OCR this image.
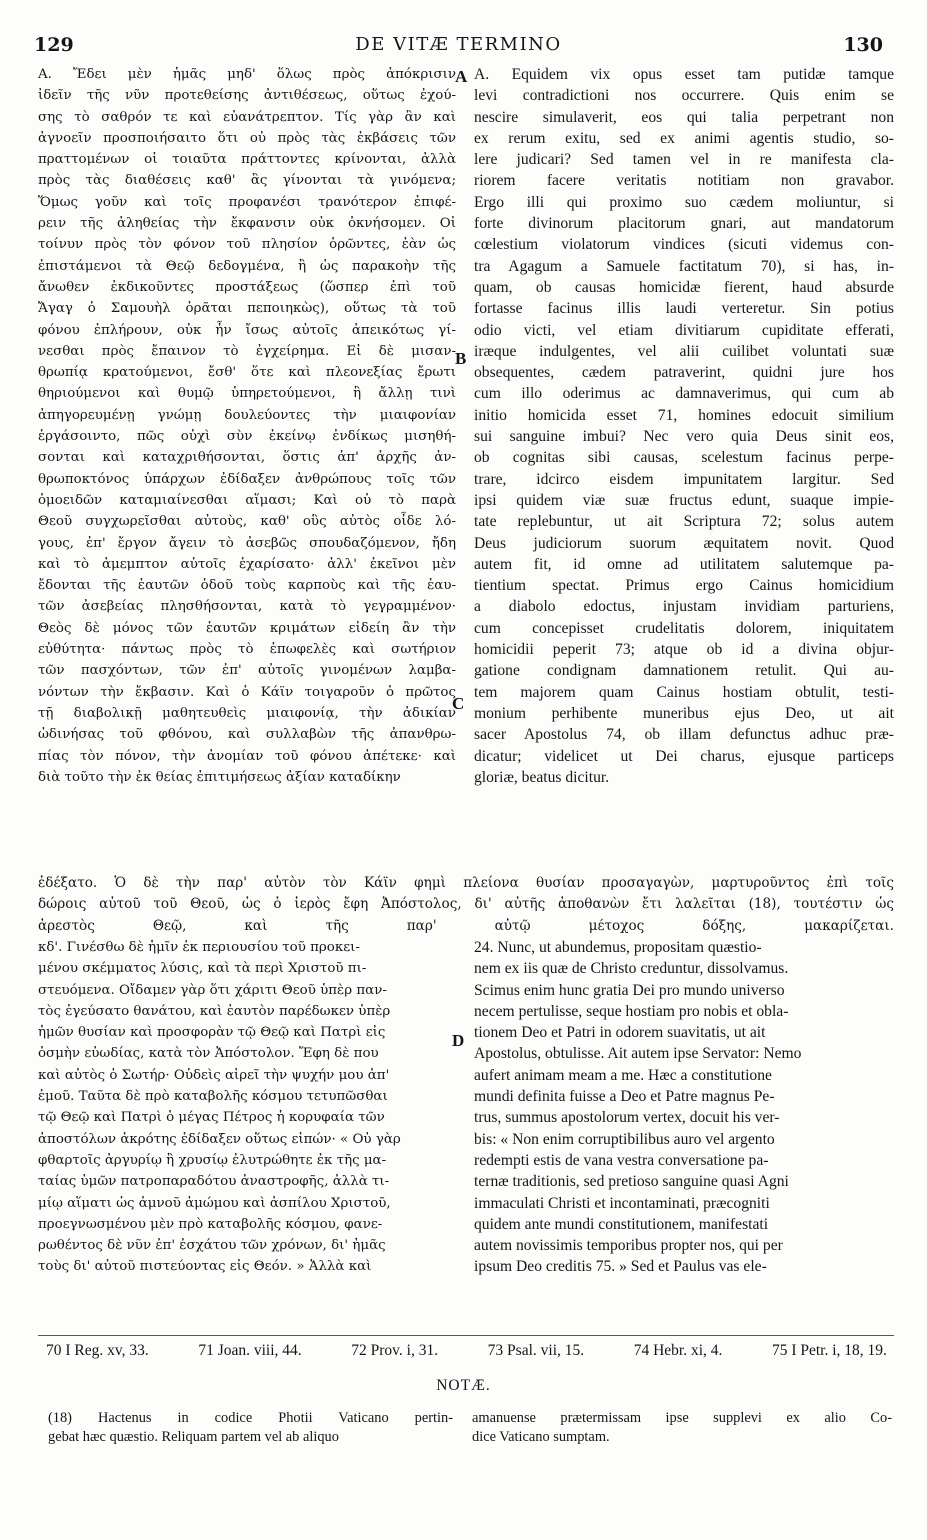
129	DE VITÆ TERMINO	130
A
B
C
D
Α. Ἔδει μὲν ἡμᾶς μηδ' ὅλως πρὸς ἀπόκρισιν
ἰδεῖν τῆς νῦν προτεθείσης ἀντιθέσεως, οὕτως ἐχού-
σης τὸ σαθρόν τε καὶ εὐανάτρεπτον. Τίς γὰρ ἂν καὶ
ἀγνοεῖν προσποιήσαιτο ὅτι οὐ πρὸς τὰς ἐκβάσεις τῶν
πραττομένων οἱ τοιαῦτα πράττοντες κρίνονται, ἀλλὰ
πρὸς τὰς διαθέσεις καθ' ἃς γίνονται τὰ γινόμενα;
Ὅμως γοῦν καὶ τοῖς προφανέσι τρανότερον ἐπιφέ-
ρειν τῆς ἀληθείας τὴν ἔκφανσιν οὐκ ὀκνήσομεν. Οἱ
τοίνυν πρὸς τὸν φόνον τοῦ πλησίον ὁρῶντες, ἐὰν ὡς
ἐπιστάμενοι τὰ Θεῷ δεδογμένα, ἢ ὡς παρακοὴν τῆς
ἄνωθεν ἐκδικοῦντες προστάξεως (ὥσπερ ἐπὶ τοῦ
Ἄγαγ ὁ Σαμουὴλ ὁρᾶται πεποιηκὼς), οὕτως τὰ τοῦ
φόνου ἐπλήρουν, οὐκ ἦν ἴσως αὐτοῖς ἀπεικότως γί-
νεσθαι πρὸς ἔπαινον τὸ ἐγχείρημα. Εἰ δὲ μισαν-
θρωπίᾳ κρατούμενοι, ἔσθ' ὅτε καὶ πλεονεξίας ἔρωτι
θηριούμενοι καὶ θυμῷ ὑπηρετούμενοι, ἢ ἄλλῃ τινὶ
ἀπηγορευμένῃ γνώμῃ δουλεύοντες τὴν μιαιφονίαν
ἐργάσοιντο, πῶς οὐχὶ σὺν ἐκείνῳ ἐνδίκως μισηθή-
σονται καὶ καταχριθήσονται, ὅστις ἀπ' ἀρχῆς ἀν-
θρωποκτόνος ὑπάρχων ἐδίδαξεν ἀνθρώπους τοῖς τῶν
ὁμοειδῶν καταμιαίνεσθαι αἵμασι; Καὶ οὐ τὸ παρὰ
Θεοῦ συγχωρεῖσθαι αὐτοὺς, καθ' οὓς αὐτὸς οἶδε λό-
γους, ἐπ' ἔργον ἄγειν τὸ ἀσεβῶς σπουδαζόμενον, ἤδη
καὶ τὸ ἀμεμπτον αὐτοῖς ἐχαρίσατο· ἀλλ' ἐκεῖνοι μὲν
ἔδονται τῆς ἑαυτῶν ὁδοῦ τοὺς καρποὺς καὶ τῆς ἑαυ-
τῶν ἀσεβείας πλησθήσονται, κατὰ τὸ γεγραμμένον·
Θεὸς δὲ μόνος τῶν ἑαυτῶν κριμάτων εἰδείη ἂν τὴν
εὐθύτητα· πάντως πρὸς τὸ ἐπωφελὲς καὶ σωτήριον
τῶν πασχόντων, τῶν ἐπ' αὐτοῖς γινομένων λαμβα-
νόντων τὴν ἔκβασιν. Καὶ ὁ Κάϊν τοιγαροῦν ὁ πρῶτος
τῇ διαβολικῇ μαθητευθεὶς μιαιφονίᾳ, τὴν ἀδικίαν
ὠδινήσας τοῦ φθόνου, καὶ συλλαβὼν τῆς ἀπανθρω-
πίας τὸν πόνον, τὴν ἀνομίαν τοῦ φόνου ἀπέτεκε· καὶ
διὰ τοῦτο τὴν ἐκ θείας ἐπιτιμήσεως ἀξίαν καταδίκην
A. Equidem vix opus esset tam putidæ tamque
levi contradictioni nos occurrere. Quis enim se
nescire simulaverit, eos qui talia perpetrant non
ex rerum exitu, sed ex animi agentis studio, so-
lere judicari? Sed tamen vel in re manifesta cla-
riorem facere veritatis notitiam non gravabor.
Ergo illi qui proximo suo cædem moliuntur, si
forte divinorum placitorum gnari, aut mandatorum
cœlestium violatorum vindices (sicuti videmus con-
tra Agagum a Samuele factitatum 70), si has, in-
quam, ob causas homicidæ fierent, haud absurde
fortasse facinus illis laudi verteretur. Sin potius
odio victi, vel etiam divitiarum cupiditate efferati,
iræque indulgentes, vel alii cuilibet voluntati suæ
obsequentes, cædem patraverint, quidni jure hos
cum illo oderimus ac damnaverimus, qui cum ab
initio homicida esset 71, homines edocuit similium
sui sanguine imbui? Nec vero quia Deus sinit eos,
ob cognitas sibi causas, scelestum facinus perpe-
trare, idcirco eisdem impunitatem largitur. Sed
ipsi quidem viæ suæ fructus edunt, suaque impie-
tate replebuntur, ut ait Scriptura 72; solus autem
Deus judiciorum suorum æquitatem novit. Quod
autem fit, id omne ad utilitatem salutemque pa-
tientium spectat. Primus ergo Cainus homicidium
a diabolo edoctus, injustam invidiam parturiens,
cum concepisset crudelitatis dolorem, iniquitatem
homicidii peperit 73; atque ob id a divina objur-
gatione condignam damnationem retulit. Qui au-
tem majorem quam Cainus hostiam obtulit, testi-
monium perhibente muneribus ejus Deo, ut ait
sacer Apostolus 74, ob illam defunctus adhuc præ-
dicatur; videlicet ut Dei charus, ejusque particeps
gloriæ, beatus dicitur.
ἐδέξατο. Ὁ δὲ τὴν παρ' αὐτὸν τὸν Κάϊν φημὶ πλείονα θυσίαν προσαγαγὼν, μαρτυροῦντος ἐπὶ τοῖς
δώροις αὐτοῦ τοῦ Θεοῦ, ὡς ὁ ἱερὸς ἔφη Ἀπόστολος, δι' αὐτῆς ἀποθανὼν ἔτι λαλεῖται (18), τουτέστιν ὡς
ἀρεστὸς Θεῷ, καὶ τῆς παρ' αὐτῷ μέτοχος δόξης, μακαρίζεται.
κδ'. Γινέσθω δὲ ἡμῖν ἐκ περιουσίου τοῦ προκει-
μένου σκέμματος λύσις, καὶ τὰ περὶ Χριστοῦ πι-
στευόμενα. Οἴδαμεν γὰρ ὅτι χάριτι Θεοῦ ὑπὲρ παν-
τὸς ἐγεύσατο θανάτου, καὶ ἑαυτὸν παρέδωκεν ὑπὲρ
ἡμῶν θυσίαν καὶ προσφορὰν τῷ Θεῷ καὶ Πατρὶ εἰς
ὀσμὴν εὐωδίας, κατὰ τὸν Ἀπόστολον. Ἔφη δὲ που
καὶ αὐτὸς ὁ Σωτήρ· Οὐδεὶς αἱρεῖ τὴν ψυχήν μου ἀπ'
ἐμοῦ. Ταῦτα δὲ πρὸ καταβολῆς κόσμου τετυπῶσθαι
τῷ Θεῷ καὶ Πατρὶ ὁ μέγας Πέτρος ἡ κορυφαία τῶν
ἀποστόλων ἀκρότης ἐδίδαξεν οὕτως εἰπών· « Οὐ γὰρ
φθαρτοῖς ἀργυρίῳ ἢ χρυσίῳ ἐλυτρώθητε ἐκ τῆς μα-
ταίας ὑμῶν πατροπαραδότου ἀναστροφῆς, ἀλλὰ τι-
μίῳ αἵματι ὡς ἀμνοῦ ἀμώμου καὶ ἀσπίλου Χριστοῦ,
προεγνωσμένου μὲν πρὸ καταβολῆς κόσμου, φανε-
ρωθέντος δὲ νῦν ἐπ' ἐσχάτου τῶν χρόνων, δι' ἡμᾶς
τοὺς δι' αὐτοῦ πιστεύοντας εἰς Θεόν. » Ἀλλὰ καὶ
24. Nunc, ut abundemus, propositam quæstio-
nem ex iis quæ de Christo creduntur, dissolvamus.
Scimus enim hunc gratia Dei pro mundo universo
necem pertulisse, seque hostiam pro nobis et obla-
tionem Deo et Patri in odorem suavitatis, ut ait
Apostolus, obtulisse. Ait autem ipse Servator: Nemo
aufert animam meam a me. Hæc a constitutione
mundi definita fuisse a Deo et Patre magnus Pe-
trus, summus apostolorum vertex, docuit his ver-
bis: « Non enim corruptibilibus auro vel argento
redempti estis de vana vestra conversatione pa-
ternæ traditionis, sed pretioso sanguine quasi Agni
immaculati Christi et incontaminati, præcogniti
quidem ante mundi constitutionem, manifestati
autem novissimis temporibus propter nos, qui per
ipsum Deo creditis 75. » Sed et Paulus vas ele-
70 I Reg. xv, 33.	71 Joan. viii, 44.	72 Prov. i, 31.	73 Psal. vii, 15.	74 Hebr. xi, 4.	75 I Petr. i, 18, 19.
NOTÆ.
(18) Hactenus in codice Photii Vaticano pertin-
gebat hæc quæstio. Reliquam partem vel ab aliquo
amanuense prætermissam ipse supplevi ex alio Co-
dice Vaticano sumptam.
